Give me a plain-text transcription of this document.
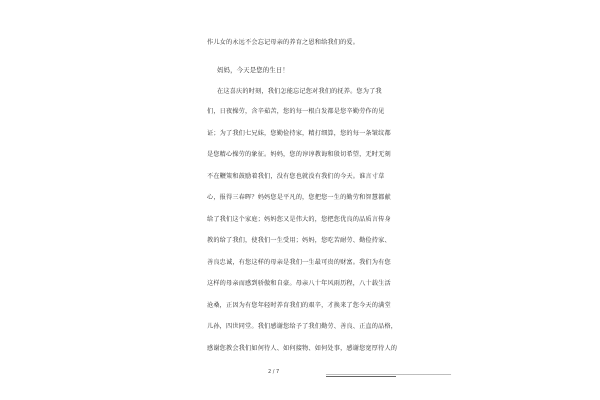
作儿女的永远不会忘记母亲的养育之恩和给我们的爱。
妈妈，今天是您的生日！
在这喜庆的时刻，我们怎能忘记您对我们的抚养。您为了我
们，日夜操劳，含辛茹苦，您的每一根白发都是您辛勤劳作的见
证；为了我们七兄妹，您勤俭持家，精打细算，您的每一条皱纹都
是您精心操劳的象征。妈妈，您的谆谆教诲和殷切希望，无时无刻
不在鞭策和鼓励着我们，没有您也就没有我们的今天。谁言寸草
心，报得三春晖？妈妈您是平凡的，您把您一生的勤劳和智慧都献
给了我们这个家庭；妈妈您又是伟大的，您把您优良的品质言传身
教的给了我们，使我们一生受用；妈妈，您吃苦耐劳、勤俭持家、
善良忠诚，有您这样的母亲是我们一生最可贵的财富。我们为有您
这样的母亲而感到骄傲和自豪。母亲八十年风雨历程，八十载生活
沧桑，正因为有您年轻时养育我们的艰辛，才换来了您今天的满堂
儿孙，四世同堂。我们感谢您给予了我们勤劳、善良、正直的品格，
感谢您教会我们如何待人、如何接物、如何处事，感谢您宽厚待人的
2 / 7	__________________________________________________
